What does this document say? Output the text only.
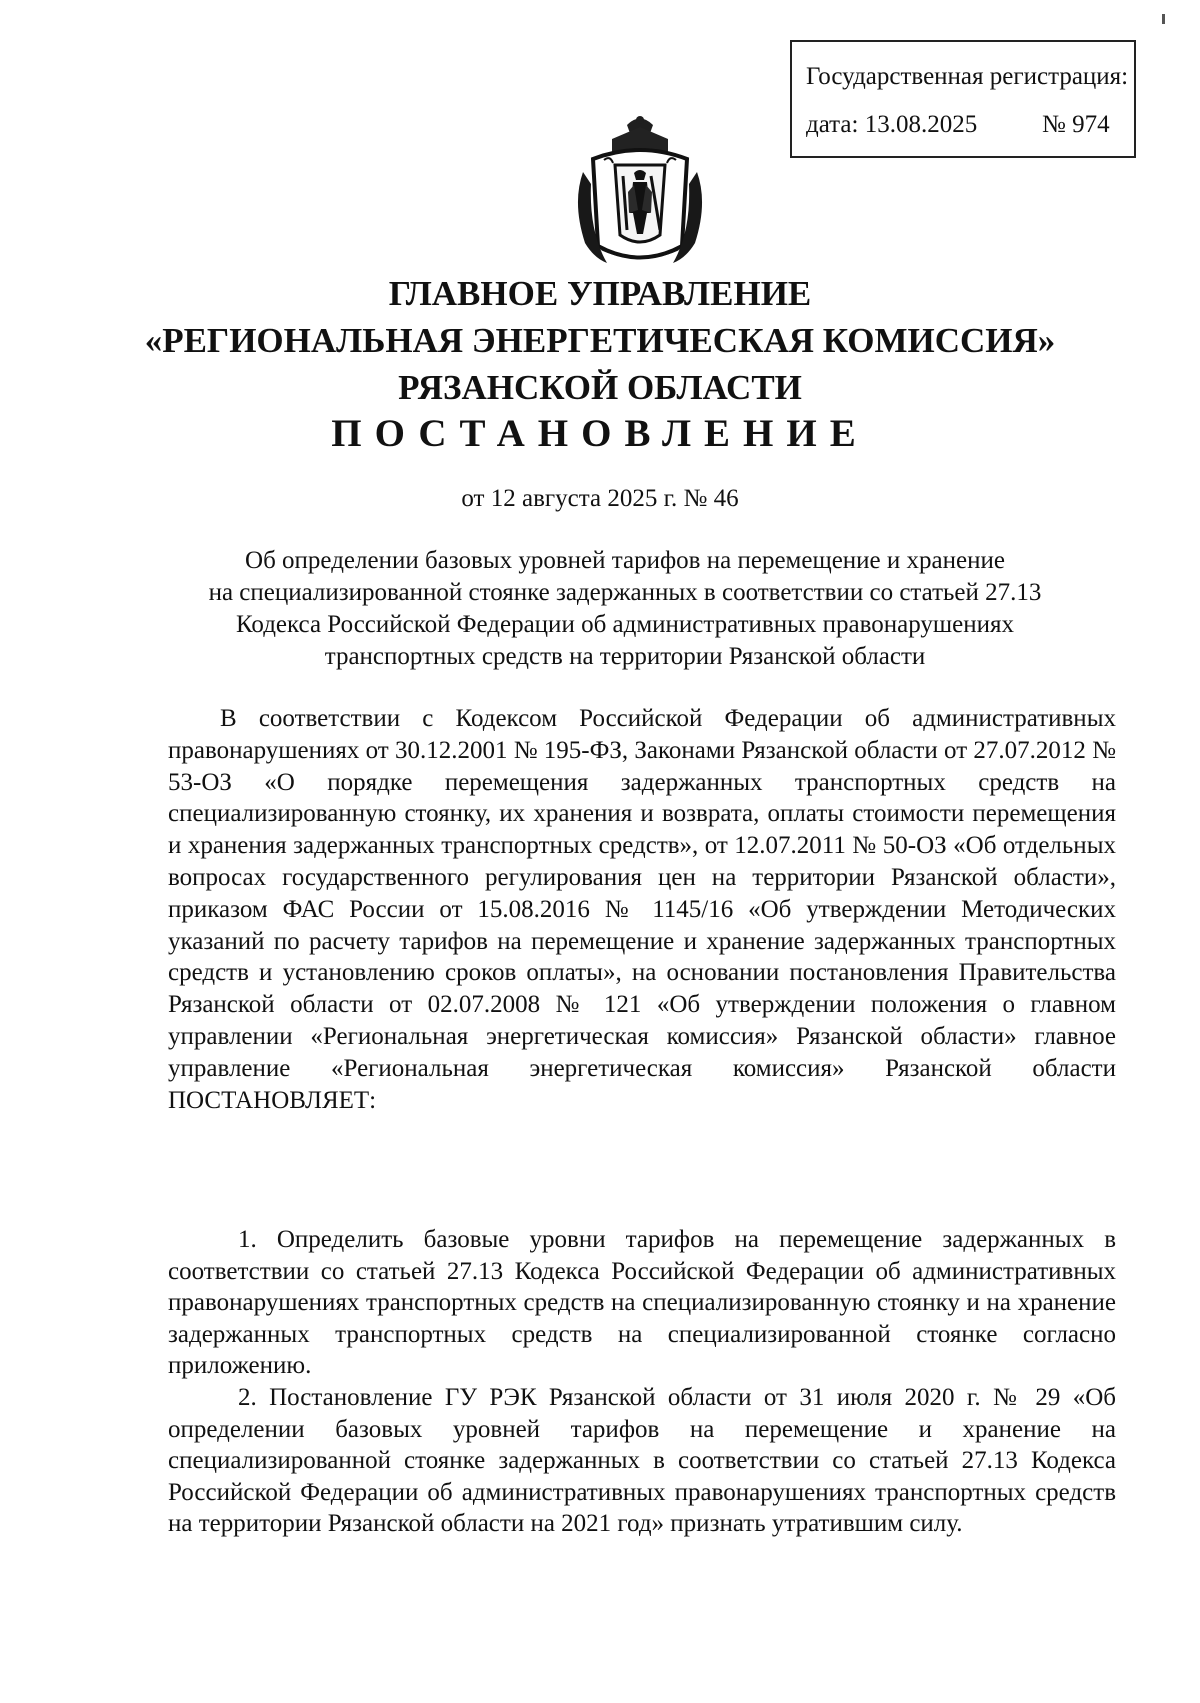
Государственная регистрация:
дата: 13.08.2025	№ 974
ГЛАВНОЕ УПРАВЛЕНИЕ
«РЕГИОНАЛЬНАЯ ЭНЕРГЕТИЧЕСКАЯ КОМИССИЯ»
РЯЗАНСКОЙ ОБЛАСТИ
ПОСТАНОВЛЕНИЕ
от 12 августа 2025 г. № 46
Об определении базовых уровней тарифов на перемещение и хранение
на специализированной стоянке задержанных в соответствии со статьей 27.13
Кодекса Российской Федерации об административных правонарушениях
транспортных средств на территории Рязанской области

В соответствии с Кодексом Российской Федерации об административных правонарушениях от 30.12.2001 № 195-ФЗ, Законами Рязанской области от 27.07.2012 № 53-ОЗ «О порядке перемещения задержанных транспортных средств на специализированную стоянку, их хранения и возврата, оплаты стоимости перемещения и хранения задержанных транспортных средств», от 12.07.2011 № 50-ОЗ «Об отдельных вопросах государственного регулирования цен на территории Рязанской области», приказом ФАС России от 15.08.2016 № 1145/16 «Об утверждении Методических указаний по расчету тарифов на перемещение и хранение задержанных транспортных средств и установлению сроков оплаты», на основании постановления Правительства Рязанской области от 02.07.2008 № 121 «Об утверждении положения о главном управлении «Региональная энергетическая комиссия» Рязанской области» главное управление «Региональная энергетическая комиссия» Рязанской области ПОСТАНОВЛЯЕТ:

1. Определить базовые уровни тарифов на перемещение задержанных в соответствии со статьей 27.13 Кодекса Российской Федерации об административных правонарушениях транспортных средств на специализированную стоянку и на хранение задержанных транспортных средств на специализированной стоянке согласно приложению.

2. Постановление ГУ РЭК Рязанской области от 31 июля 2020 г. № 29 «Об определении базовых уровней тарифов на перемещение и хранение на специализированной стоянке задержанных в соответствии со статьей 27.13 Кодекса Российской Федерации об административных правонарушениях транспортных средств на территории Рязанской области на 2021 год» признать утратившим силу.
